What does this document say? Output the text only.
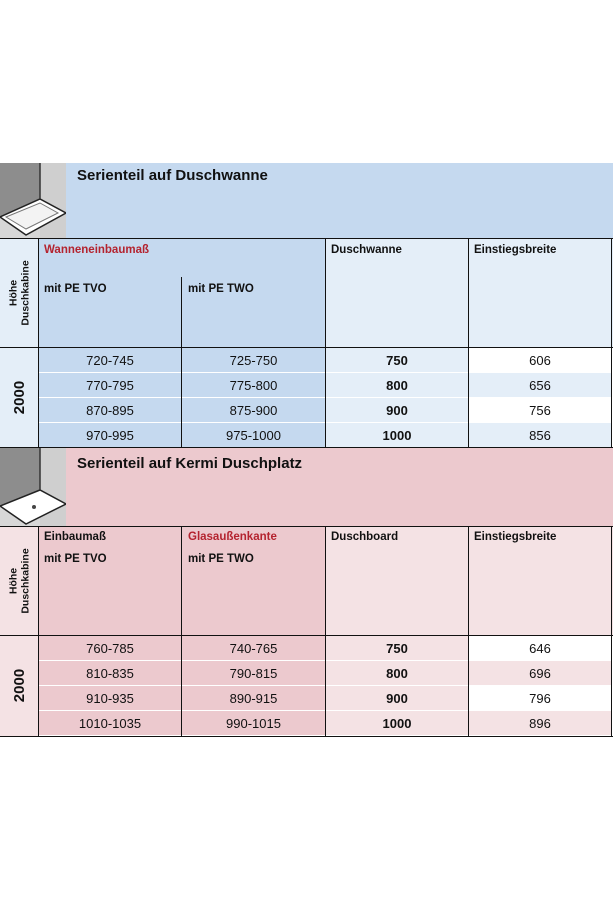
Serienteil auf Duschwanne
Wanneneinbaumaß
mit PE TVO	mit PE TWO
Duschwanne	Einstiegsbreite
Höhe
Duschkabine
2000
720-745	725-750	750	606
770-795	775-800	800	656
870-895	875-900	900	756
970-995	975-1000	1000	856
Serienteil auf Kermi Duschplatz
Einbaumaß
mit PE TVO
Glasaußenkante
mit PE TWO
Duschboard	Einstiegsbreite
Höhe
Duschkabine
2000
760-785	740-765	750	646
810-835	790-815	800	696
910-935	890-915	900	796
1010-1035	990-1015	1000	896
